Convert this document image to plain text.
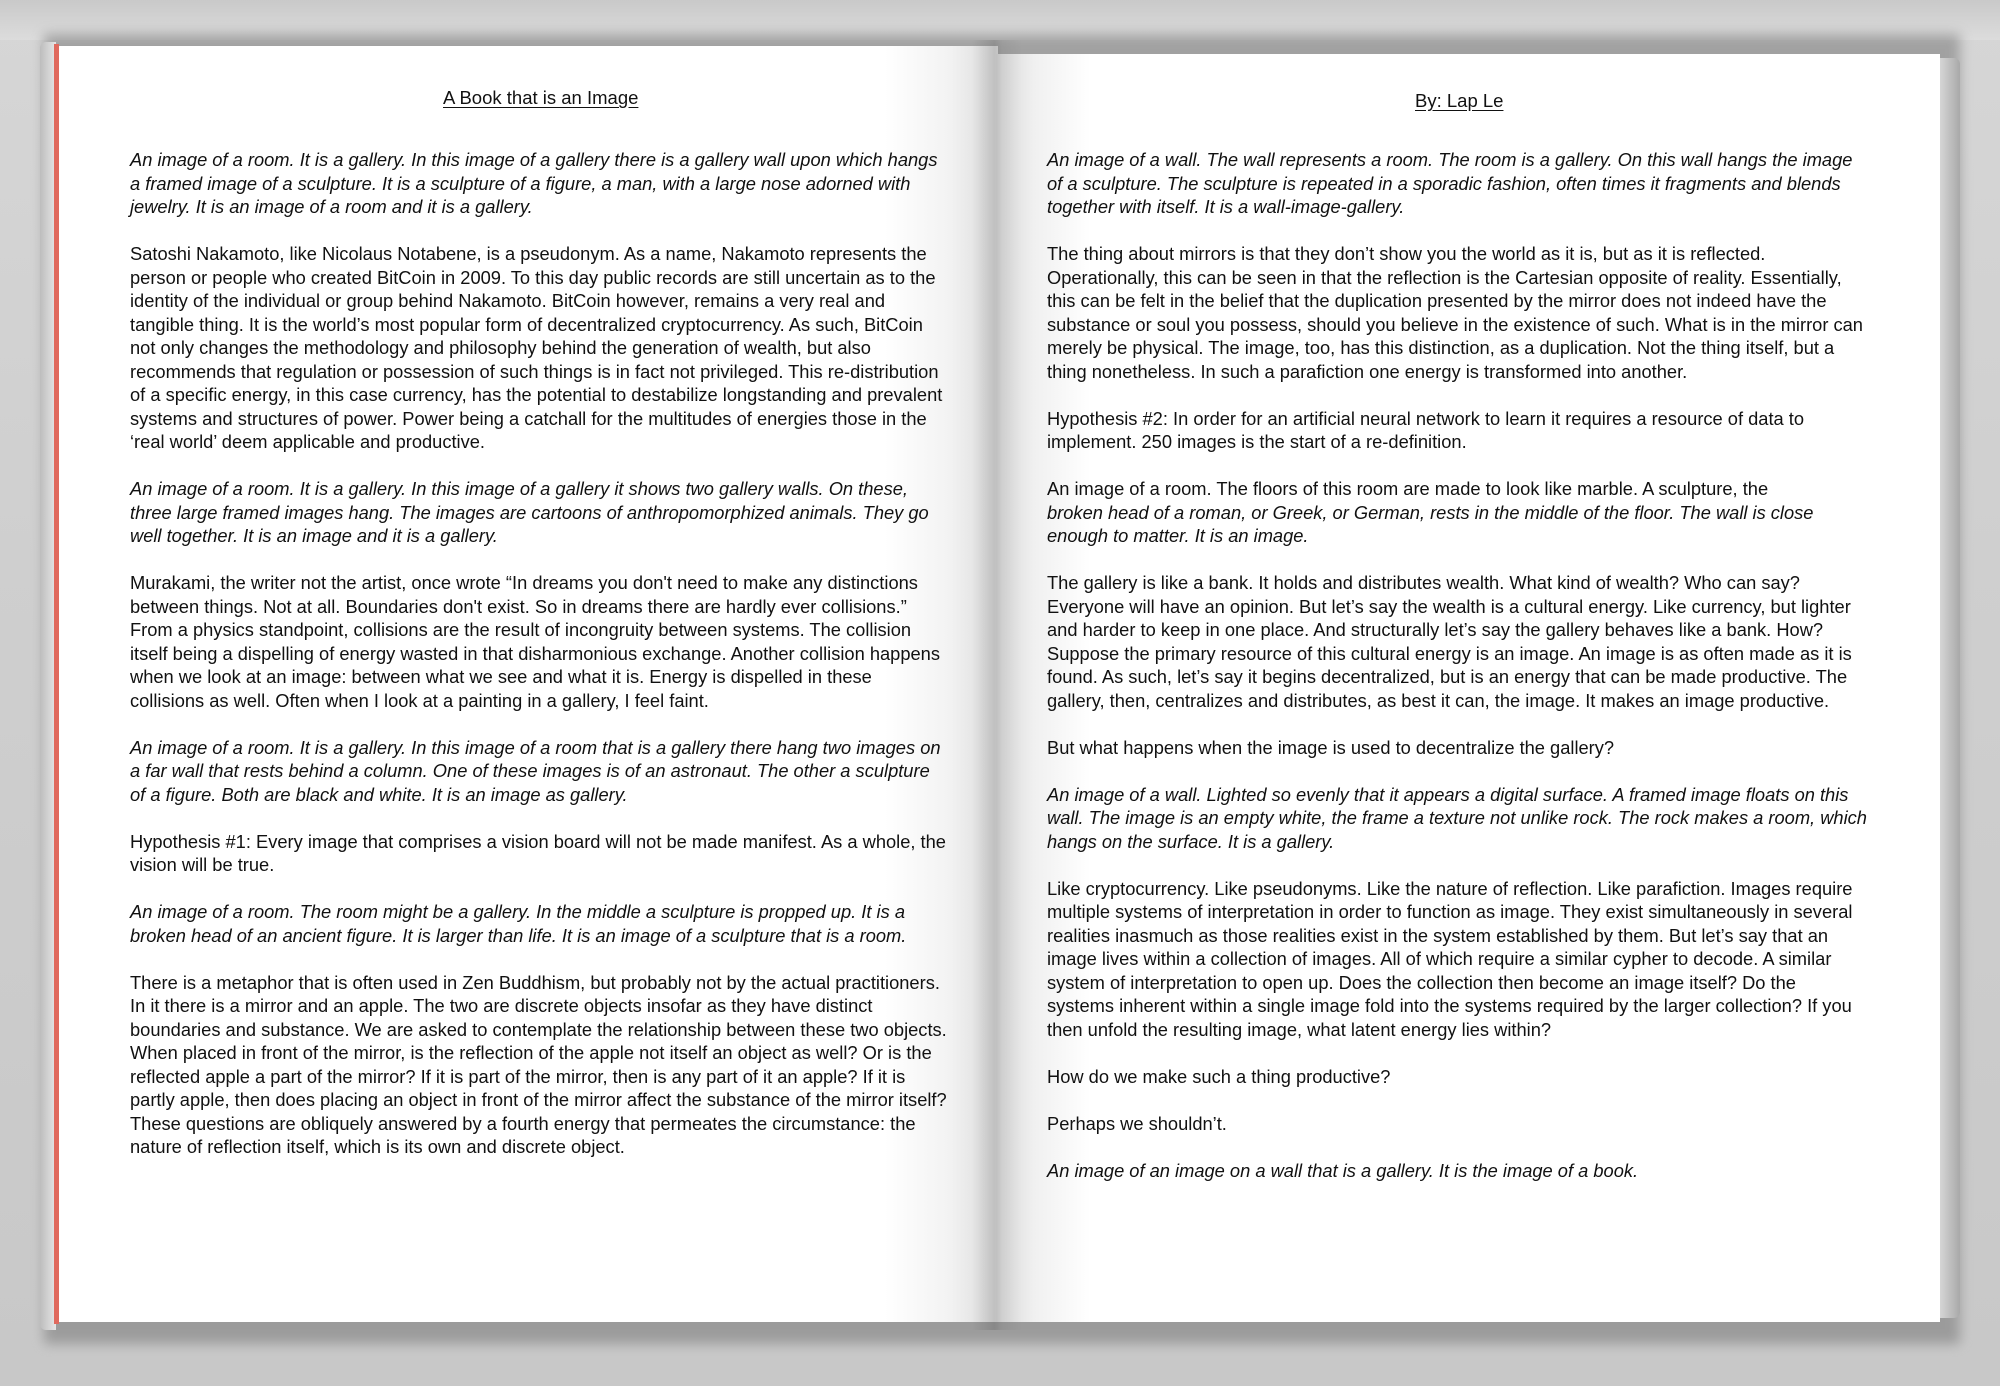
A Book that is an Image	By: Lap Le

An image of a room. It is a gallery. In this image of a gallery there is a gallery wall upon which hangs a framed image of a sculpture. It is a sculpture of a figure, a man, with a large nose adorned with jewelry. It is an image of a room and it is a gallery.

Satoshi Nakamoto, like Nicolaus Notabene, is a pseudonym. As a name, Nakamoto represents the person or people who created BitCoin in 2009. To this day public records are still uncertain as to the identity of the individual or group behind Nakamoto. BitCoin however, remains a very real and tangible thing. It is the world’s most popular form of decentralized cryptocurrency. As such, BitCoin not only changes the methodology and philosophy behind the generation of wealth, but also recommends that regulation or possession of such things is in fact not privileged. This re-distribution of a specific energy, in this case currency, has the potential to destabilize longstanding and prevalent systems and structures of power. Power being a catchall for the multitudes of energies those in the ‘real world’ deem applicable and productive.

An image of a room. It is a gallery. In this image of a gallery it shows two gallery walls. On these, three large framed images hang. The images are cartoons of anthropomorphized animals. They go well together. It is an image and it is a gallery.

Murakami, the writer not the artist, once wrote “In dreams you don't need to make any distinctions between things. Not at all. Boundaries don't exist. So in dreams there are hardly ever collisions.” From a physics standpoint, collisions are the result of incongruity between systems. The collision itself being a dispelling of energy wasted in that disharmonious exchange. Another collision happens when we look at an image: between what we see and what it is. Energy is dispelled in these collisions as well. Often when I look at a painting in a gallery, I feel faint.

An image of a room. It is a gallery. In this image of a room that is a gallery there hang two images on a far wall that rests behind a column. One of these images is of an astronaut. The other a sculpture of a figure. Both are black and white. It is an image as gallery.

Hypothesis #1: Every image that comprises a vision board will not be made manifest. As a whole, the vision will be true.

An image of a room. The room might be a gallery. In the middle a sculpture is propped up. It is a broken head of an ancient figure. It is larger than life. It is an image of a sculpture that is a room.

There is a metaphor that is often used in Zen Buddhism, but probably not by the actual practitioners. In it there is a mirror and an apple. The two are discrete objects insofar as they have distinct boundaries and substance. We are asked to contemplate the relationship between these two objects. When placed in front of the mirror, is the reflection of the apple not itself an object as well? Or is the reflected apple a part of the mirror? If it is part of the mirror, then is any part of it an apple? If it is partly apple, then does placing an object in front of the mirror affect the substance of the mirror itself? These questions are obliquely answered by a fourth energy that permeates the circumstance: the nature of reflection itself, which is its own and discrete object.

An image of a wall. The wall represents a room. The room is a gallery. On this wall hangs the image of a sculpture. The sculpture is repeated in a sporadic fashion, often times it fragments and blends together with itself. It is a wall-image-gallery.

The thing about mirrors is that they don’t show you the world as it is, but as it is reflected. Operationally, this can be seen in that the reflection is the Cartesian opposite of reality. Essentially, this can be felt in the belief that the duplication presented by the mirror does not indeed have the substance or soul you possess, should you believe in the existence of such. What is in the mirror can merely be physical. The image, too, has this distinction, as a duplication. Not the thing itself, but a thing nonetheless. In such a parafiction one energy is transformed into another.

Hypothesis #2: In order for an artificial neural network to learn it requires a resource of data to implement. 250 images is the start of a re-definition.

An image of a room. The floors of this room are made to look like marble. A sculpture, the
broken head of a roman, or Greek, or German, rests in the middle of the floor. The wall is close enough to matter. It is an image.

The gallery is like a bank. It holds and distributes wealth. What kind of wealth? Who can say? Everyone will have an opinion. But let’s say the wealth is a cultural energy. Like currency, but lighter and harder to keep in one place. And structurally let’s say the gallery behaves like a bank. How? Suppose the primary resource of this cultural energy is an image. An image is as often made as it is found. As such, let’s say it begins decentralized, but is an energy that can be made productive. The gallery, then, centralizes and distributes, as best it can, the image. It makes an image productive.

But what happens when the image is used to decentralize the gallery?

An image of a wall. Lighted so evenly that it appears a digital surface. A framed image floats on this wall. The image is an empty white, the frame a texture not unlike rock. The rock makes a room, which hangs on the surface. It is a gallery.

Like cryptocurrency. Like pseudonyms. Like the nature of reflection. Like parafiction. Images require multiple systems of interpretation in order to function as image. They exist simultaneously in several realities inasmuch as those realities exist in the system established by them. But let’s say that an image lives within a collection of images. All of which require a similar cypher to decode. A similar system of interpretation to open up. Does the collection then become an image itself? Do the systems inherent within a single image fold into the systems required by the larger collection? If you then unfold the resulting image, what latent energy lies within?

How do we make such a thing productive?

Perhaps we shouldn’t.

An image of an image on a wall that is a gallery. It is the image of a book.
